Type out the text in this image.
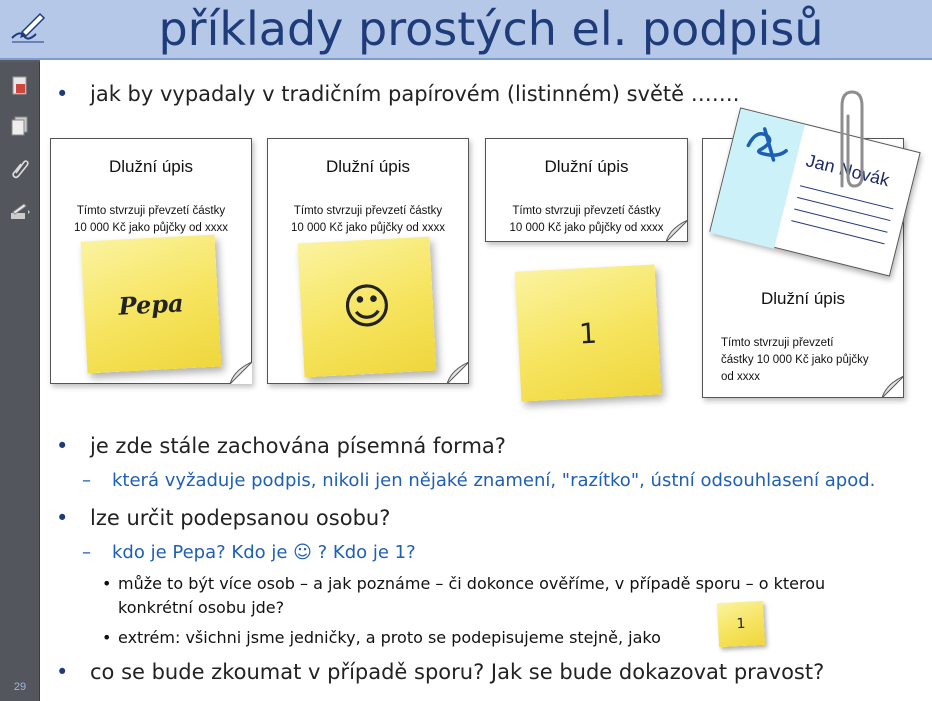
29
příklady prostých el. podpisů
• jak by vypadaly v tradičním papírovém (listinném) světě …….
Dlužní úpis
Tímto stvrzuji převzetí částky
10 000 Kč jako půjčky od xxxx
Pepa
Dlužní úpis
Tímto stvrzuji převzetí částky
10 000 Kč jako půjčky od xxxx
☺
Dlužní úpis
Tímto stvrzuji převzetí částky
10 000 Kč jako půjčky od xxxx
1
Dlužní úpis
Tímto stvrzuji převzetí
částky 10 000 Kč jako půjčky
od xxxx
Jan Novák
• je zde stále zachována písemná forma?
– která vyžaduje podpis, nikoli jen nějaké znamení, "razítko", ústní odsouhlasení apod.
• lze určit podepsanou osobu?
– kdo je Pepa? Kdo je ☺ ? Kdo je 1?
• může to být více osob – a jak poznáme – či dokonce ověříme, v případě sporu – o kterou konkrétní osobu jde?
• extrém: všichni jsme jedničky, a proto se podepisujeme stejně, jako
1
• co se bude zkoumat v případě sporu? Jak se bude dokazovat pravost?
